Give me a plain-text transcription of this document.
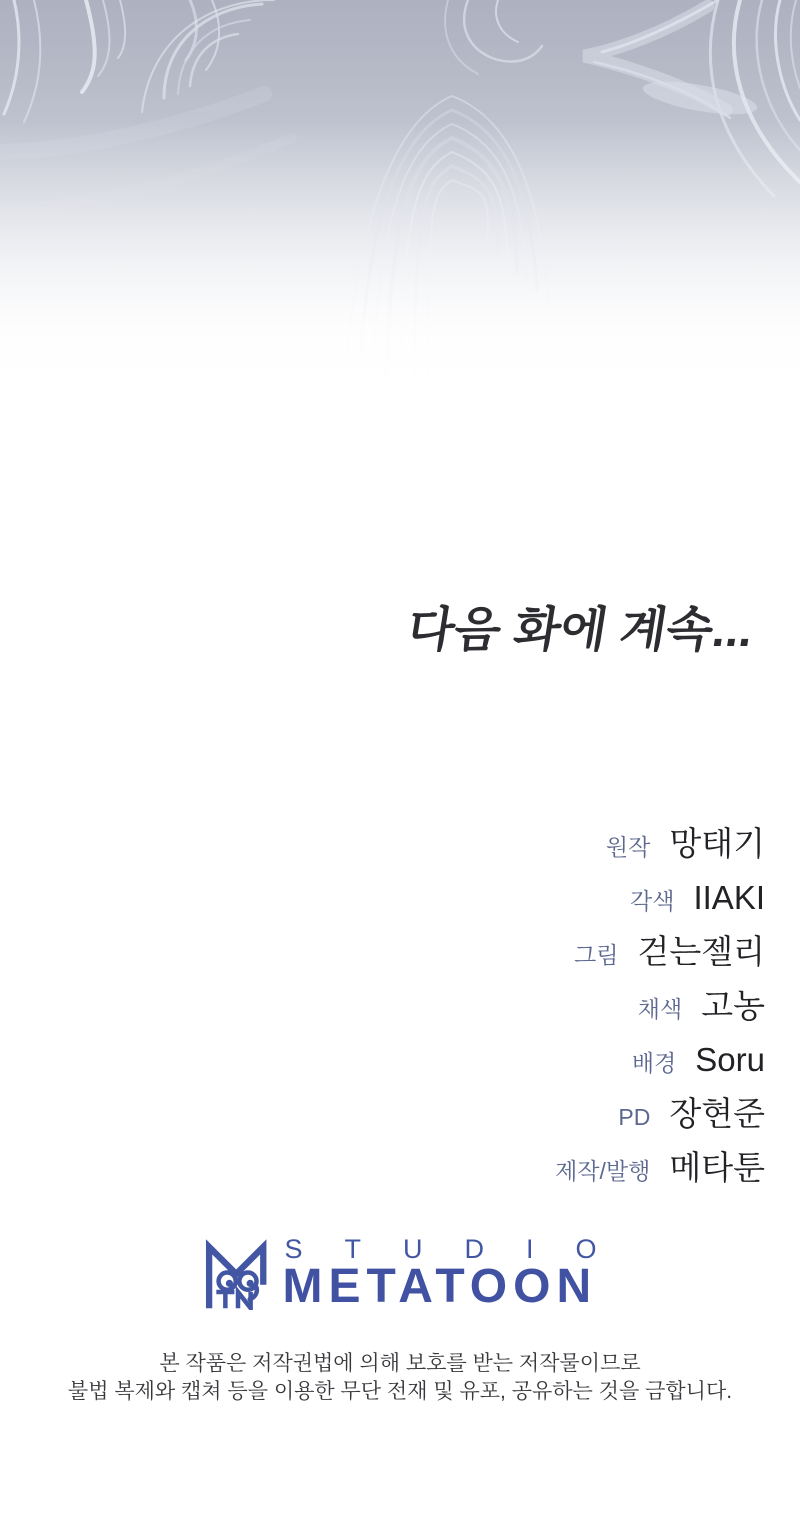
다음 화에 계속...
원작 망태기
각색 IIAKI
그림 걷는젤리
채색 고농
배경 Soru
PD 장현준
제작/발행 메타툰
STUDIO
METATOON
본 작품은 저작권법에 의해 보호를 받는 저작물이므로
불법 복제와 캡쳐 등을 이용한 무단 전재 및 유포, 공유하는 것을 금합니다.
